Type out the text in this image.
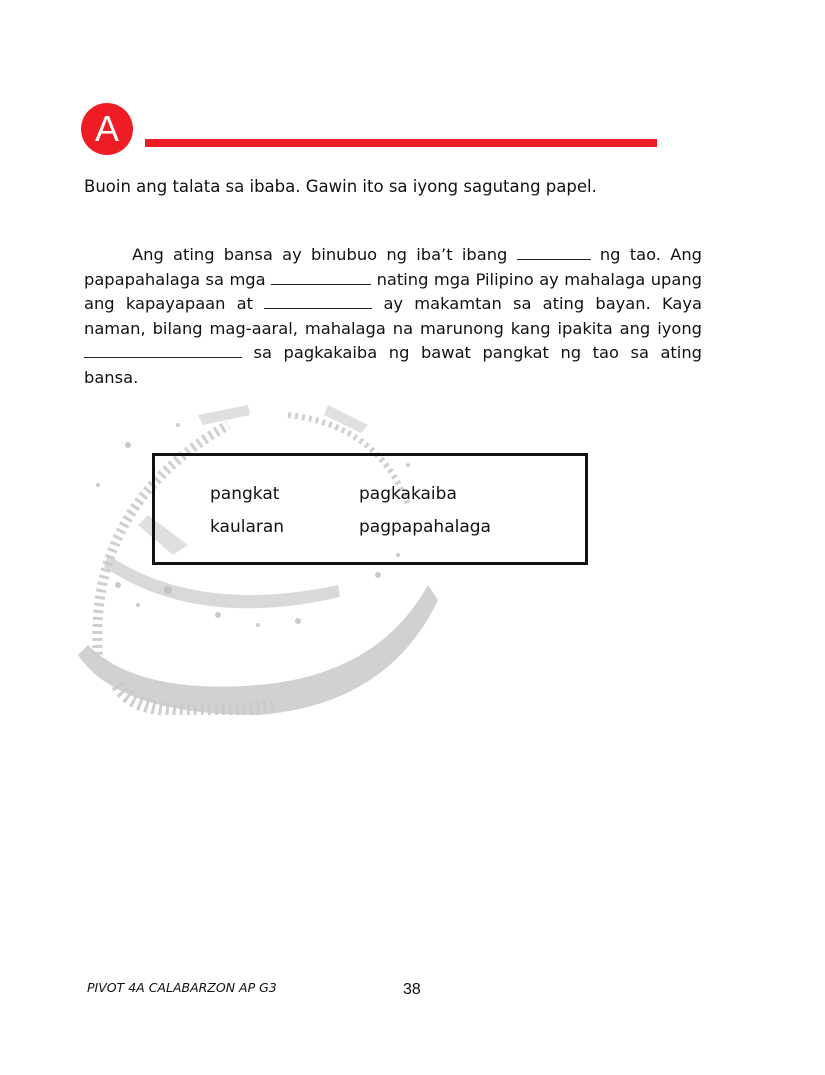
A
Buoin ang talata sa ibaba. Gawin ito sa iyong sagutang papel.

Ang ating bansa ay binubuo ng iba’t ibang	ng tao. Ang papapahalaga sa mga	nating mga Pilipino ay mahalaga upang ang kapayapaan at	ay makamtan sa ating bayan. Kaya naman, bilang mag-aaral, mahalaga na marunong kang ipakita ang iyong  sa pagkakaiba ng bawat pangkat ng tao sa ating bansa.

pangkat	pagkakaiba
kaularan	pagpapahalaga
PIVOT 4A CALABARZON AP G3	38
